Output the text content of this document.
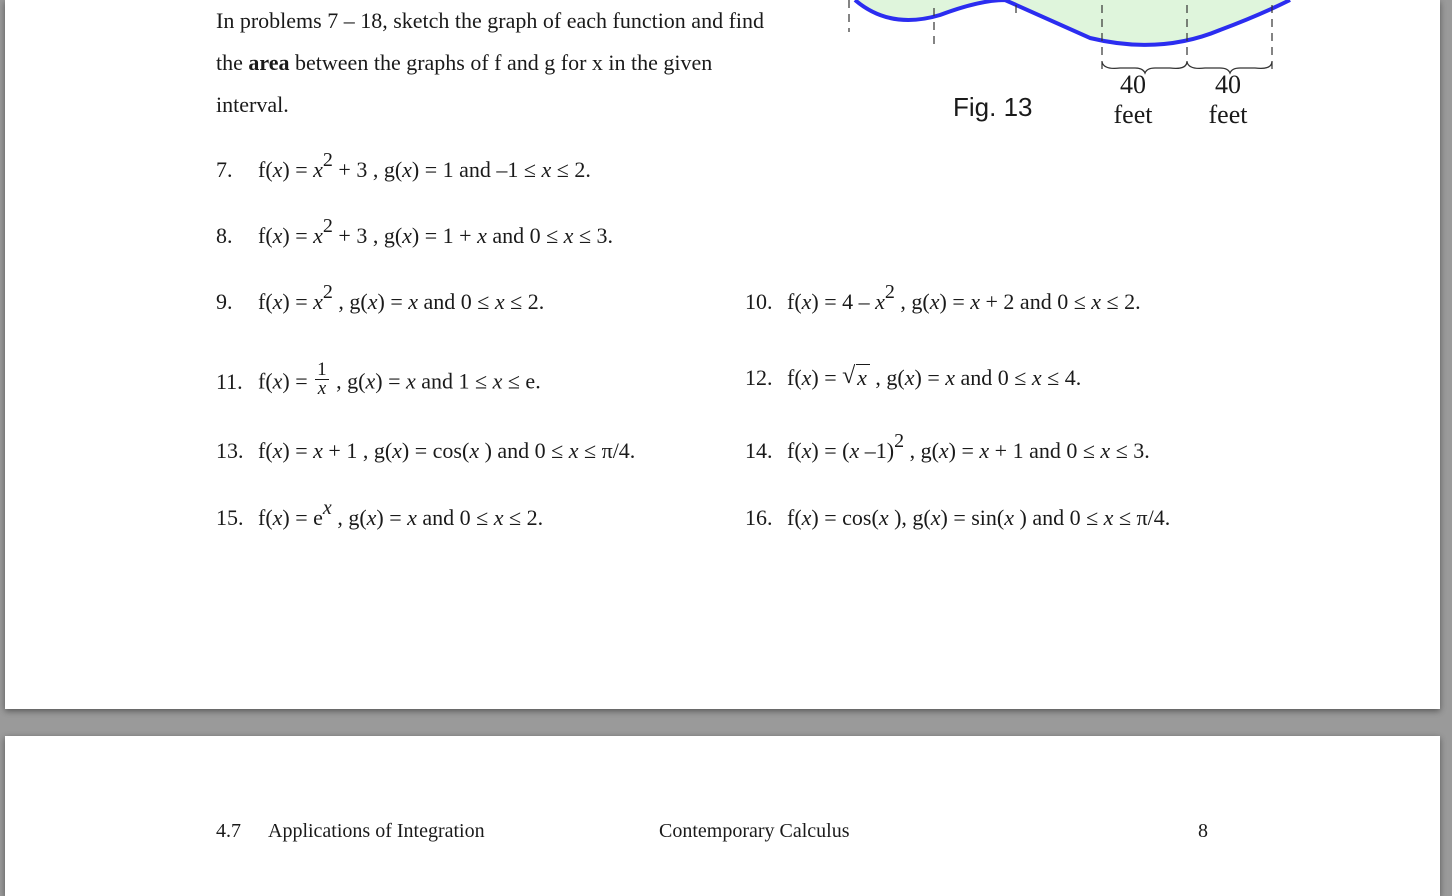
In problems 7 – 18, sketch the graph of each function and find
the area between the graphs of f and g for x in the given
interval.	Fig. 13
40
feet
40
feet
7. $f(x) = x^2 + 3$ , g(x) = 1 and –1 ≤ x ≤ 2.
8. $f(x) = x^2 + 3$ , g(x) = 1 + x and 0 ≤ x ≤ 3.
9. $f(x) = x^2$ , g(x) = x and 0 ≤ x ≤ 2.	10. $f(x) = 4 - x^2$ , g(x) = x + 2 and 0 ≤ x ≤ 2.
11. $f(x) = \frac{1}{x}$ , g(x) = x and 1 ≤ x ≤ e.	12. f(x) = √ x , g(x) = x and 0 ≤ x ≤ 4.
13. f(x) = x + 1 , g(x) = cos(x ) and 0 ≤ x ≤ π/4.	14. f(x) = (x –1)$^2$ , g(x) = x + 1 and 0 ≤ x ≤ 3.
15. $f(x) = e^x$ , g(x) = x and 0 ≤ x ≤ 2.	16. f(x) = cos(x ), g(x) = sin(x ) and 0 ≤ x ≤ π/4.
4.7 Applications of Integration	Contemporary Calculus	8
